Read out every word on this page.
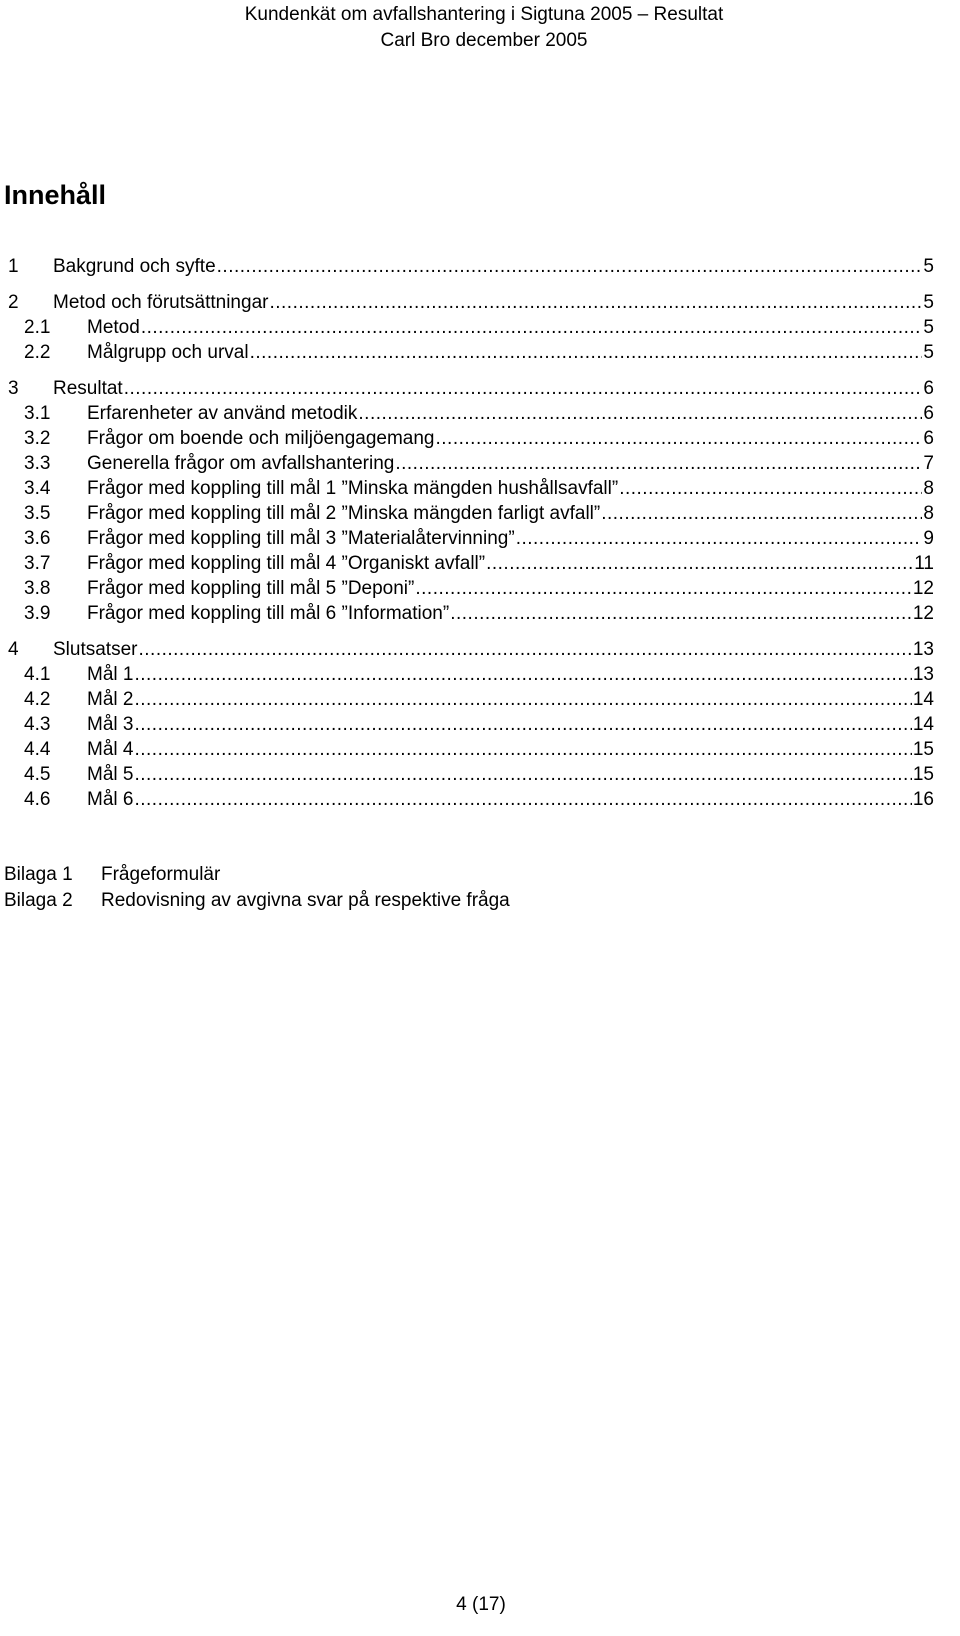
Kundenkät om avfallshantering i Sigtuna 2005 – Resultat
Carl Bro december 2005
Innehåll
1	Bakgrund och syfte .....	5
2	Metod och förutsättningar .....	5
2.1	Metod .....	5
2.2	Målgrupp och urval .....	5
3	Resultat .....	6
3.1	Erfarenheter av använd metodik .....	6
3.2	Frågor om boende och miljöengagemang .....	6
3.3	Generella frågor om avfallshantering .....	7
3.4	Frågor med koppling till mål 1 ”Minska mängden hushållsavfall” .....	8
3.5	Frågor med koppling till mål 2 ”Minska mängden farligt avfall” .....	8
3.6	Frågor med koppling till mål 3 ”Materialåtervinning” .....	9
3.7	Frågor med koppling till mål 4 ”Organiskt avfall” .....	11
3.8	Frågor med koppling till mål 5 ”Deponi” .....	12
3.9	Frågor med koppling till mål 6 ”Information” .....	12
4	Slutsatser .....	13
4.1	Mål 1 .....	13
4.2	Mål 2 .....	14
4.3	Mål 3 .....	14
4.4	Mål 4 .....	15
4.5	Mål 5 .....	15
4.6	Mål 6 .....	16
Bilaga 1	Frågeformulär
Bilaga 2	Redovisning av avgivna svar på respektive fråga
4 (17)
